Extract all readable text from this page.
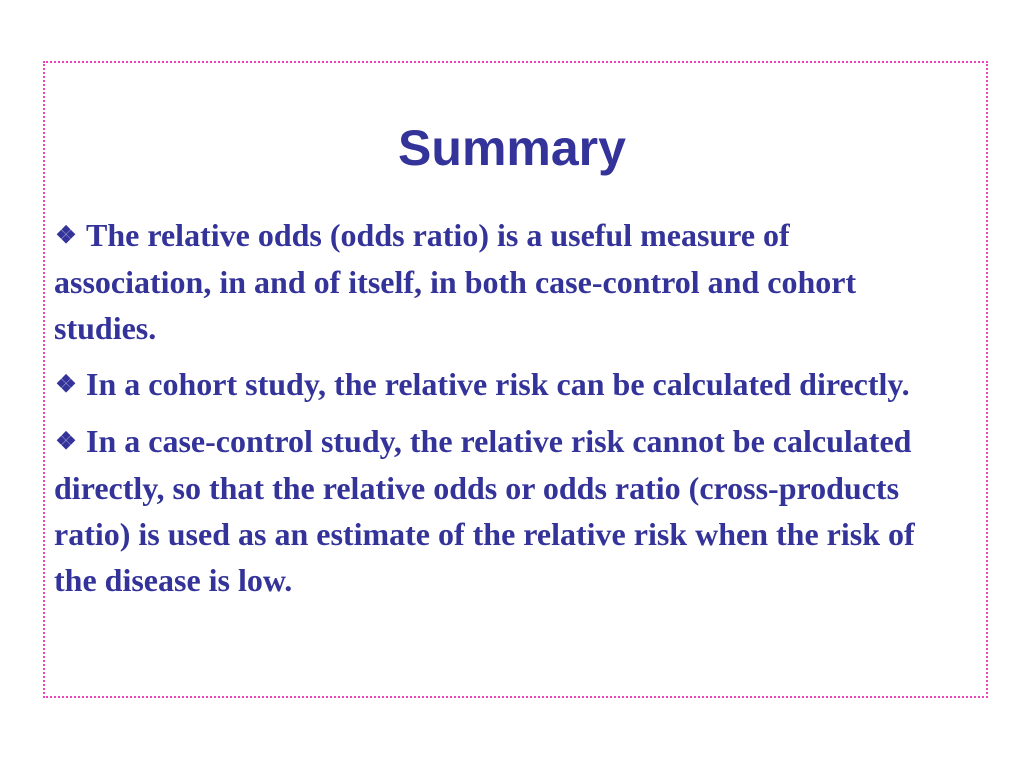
Summary

❖ The relative odds (odds ratio) is a useful measure of association, in and of itself, in both case-control and cohort studies.

❖ In a cohort study, the relative risk can be calculated directly.

❖ In a case-control study, the relative risk cannot be calculated directly, so that the relative odds or odds ratio (cross-products ratio) is used as an estimate of the relative risk when the risk of the disease is low.
